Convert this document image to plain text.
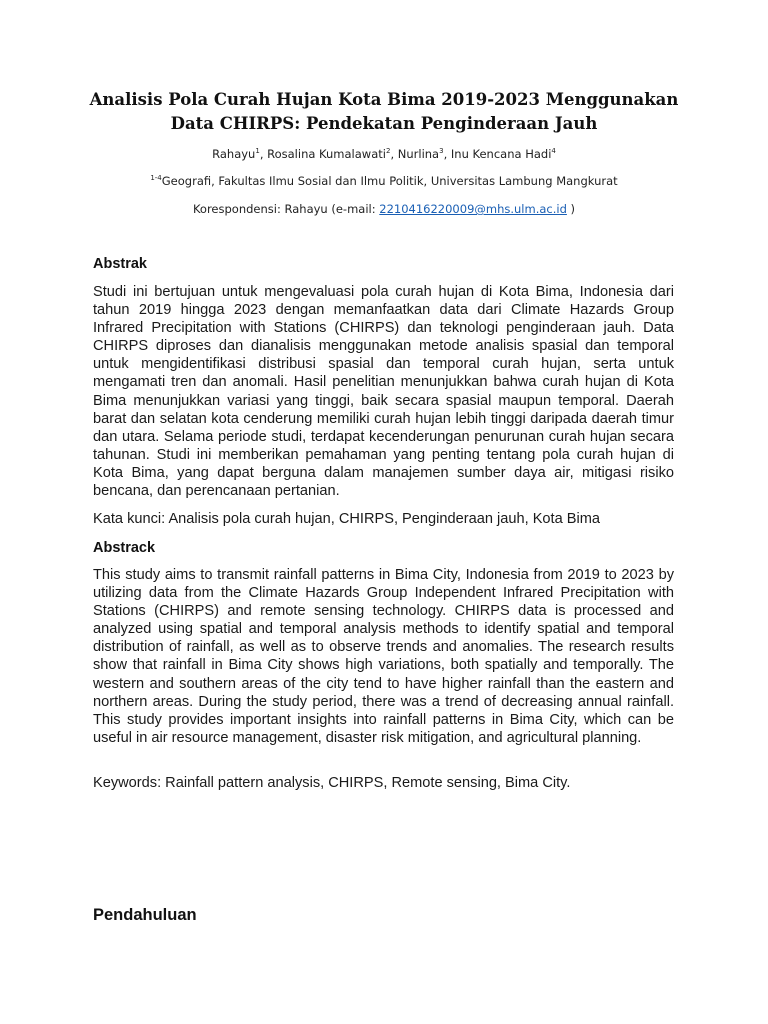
Analisis Pola Curah Hujan Kota Bima 2019-2023 Menggunakan
Data CHIRPS: Pendekatan Penginderaan Jauh
Rahayu$^1$, Rosalina Kumalawati$^2$, Nurlina$^3$, Inu Kencana Hadi$^4$
$^{1-4}$Geografi, Fakultas Ilmu Sosial dan Ilmu Politik, Universitas Lambung Mangkurat
Korespondensi: Rahayu (e-mail: 2210416220009@mhs.ulm.ac.id )
Abstrak

Studi ini bertujuan untuk mengevaluasi pola curah hujan di Kota Bima, Indonesia dari tahun 2019 hingga 2023 dengan memanfaatkan data dari Climate Hazards Group Infrared Precipitation with Stations (CHIRPS) dan teknologi penginderaan jauh. Data CHIRPS diproses dan dianalisis menggunakan metode analisis spasial dan temporal untuk mengidentifikasi distribusi spasial dan temporal curah hujan, serta untuk mengamati tren dan anomali. Hasil penelitian menunjukkan bahwa curah hujan di Kota Bima menunjukkan variasi yang tinggi, baik secara spasial maupun temporal. Daerah barat dan selatan kota cenderung memiliki curah hujan lebih tinggi daripada daerah timur dan utara. Selama periode studi, terdapat kecenderungan penurunan curah hujan secara tahunan. Studi ini memberikan pemahaman yang penting tentang pola curah hujan di Kota Bima, yang dapat berguna dalam manajemen sumber daya air, mitigasi risiko bencana, dan perencanaan pertanian.

Kata kunci: Analisis pola curah hujan, CHIRPS, Penginderaan jauh, Kota Bima

Abstrack

This study aims to transmit rainfall patterns in Bima City, Indonesia from 2019 to 2023 by utilizing data from the Climate Hazards Group Independent Infrared Precipitation with Stations (CHIRPS) and remote sensing technology. CHIRPS data is processed and analyzed using spatial and temporal analysis methods to identify spatial and temporal distribution of rainfall, as well as to observe trends and anomalies. The research results show that rainfall in Bima City shows high variations, both spatially and temporally. The western and southern areas of the city tend to have higher rainfall than the eastern and northern areas. During the study period, there was a trend of decreasing annual rainfall. This study provides important insights into rainfall patterns in Bima City, which can be useful in air resource management, disaster risk mitigation, and agricultural planning.

Keywords: Rainfall pattern analysis, CHIRPS, Remote sensing, Bima City.

Pendahuluan
